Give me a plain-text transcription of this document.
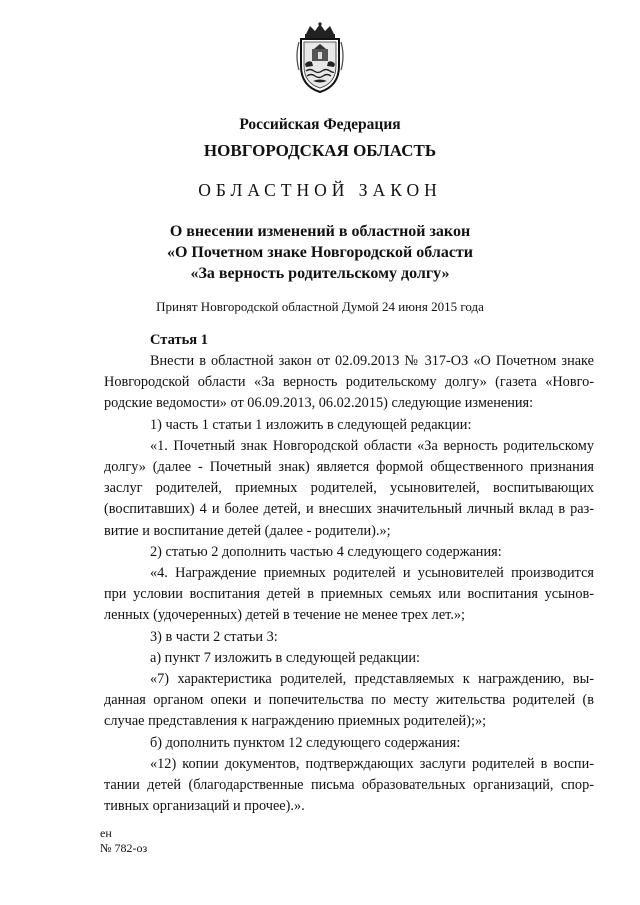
Российская Федерация
НОВГОРОДСКАЯ ОБЛАСТЬ
ОБЛАСТНОЙ ЗАКОН
О внесении изменений в областной закон
«О Почетном знаке Новгородской области
«За верность родительскому долгу»
Принят Новгородской областной Думой 24 июня 2015 года
Статья 1

Внести в областной закон от 02.09.2013 № 317-ОЗ «О Почетном знаке Новгородской области «За верность родительскому долгу» (газета «Новго-родские ведомости» от 06.09.2013, 06.02.2015) следующие изменения:

1) часть 1 статьи 1 изложить в следующей редакции:

«1. Почетный знак Новгородской области «За верность родительскому долгу» (далее - Почетный знак) является формой общественного признания заслуг родителей, приемных родителей, усыновителей, воспитывающих (воспитавших) 4 и более детей, и внесших значительный личный вклад в раз-витие и воспитание детей (далее - родители).»;

2) статью 2 дополнить частью 4 следующего содержания:

«4. Награждение приемных родителей и усыновителей производится при условии воспитания детей в приемных семьях или воспитания усынов-ленных (удочеренных) детей в течение не менее трех лет.»;

3) в части 2 статьи 3:

а) пункт 7 изложить в следующей редакции:

«7) характеристика родителей, представляемых к награждению, вы-данная органом опеки и попечительства по месту жительства родителей (в случае представления к награждению приемных родителей);»;

б) дополнить пунктом 12 следующего содержания:

«12) копии документов, подтверждающих заслуги родителей в воспи-тании детей (благодарственные письма образовательных организаций, спор-тивных организаций и прочее).».

ен
№ 782-оз
